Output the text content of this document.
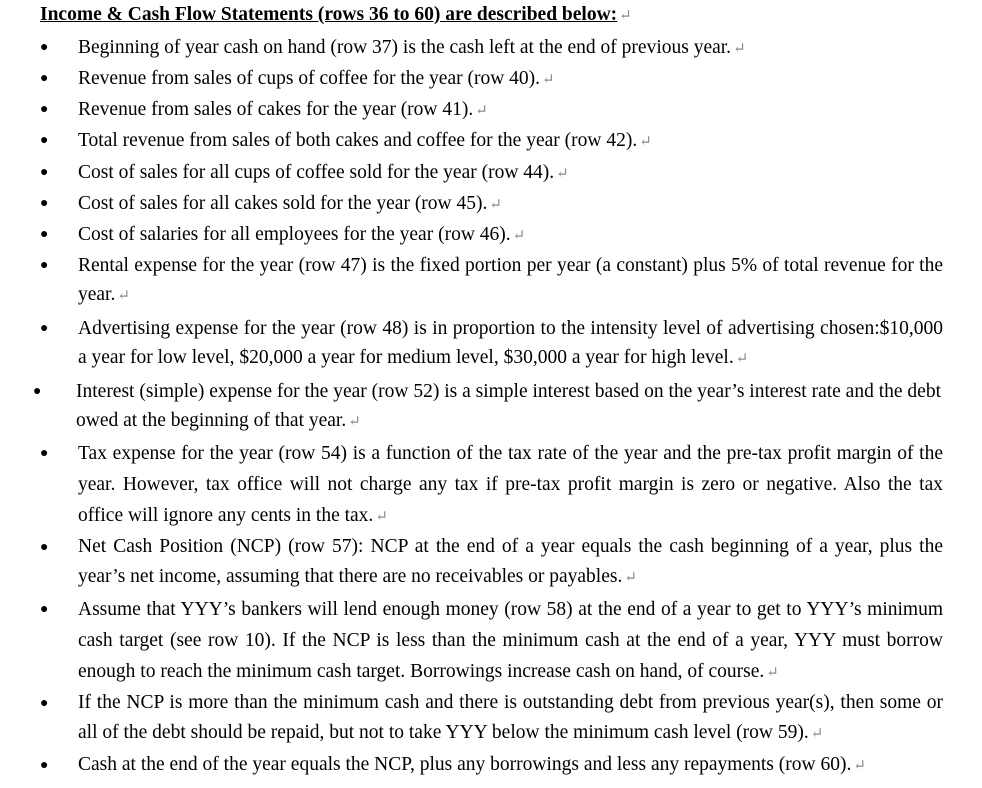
Income & Cash Flow Statements (rows 36 to 60) are described below: ↵
● Beginning of year cash on hand (row 37) is the cash left at the end of previous year. ↵
● Revenue from sales of cups of coffee for the year (row 40). ↵
● Revenue from sales of cakes for the year (row 41). ↵
● Total revenue from sales of both cakes and coffee for the year (row 42). ↵
● Cost of sales for all cups of coffee sold for the year (row 44). ↵
● Cost of sales for all cakes sold for the year (row 45). ↵
● Cost of salaries for all employees for the year (row 46). ↵
● Rental expense for the year (row 47) is the fixed portion per year (a constant) plus 5% of total revenue for the year. ↵
● Advertising expense for the year (row 48) is in proportion to the intensity level of advertising chosen:$10,000 a year for low level, $20,000 a year for medium level, $30,000 a year for high level. ↵
● Interest (simple) expense for the year (row 52) is a simple interest based on the year’s interest rate and the debt owed at the beginning of that year. ↵
● Tax expense for the year (row 54) is a function of the tax rate of the year and the pre-tax profit margin of the year. However, tax office will not charge any tax if pre-tax profit margin is zero or negative. Also the tax office will ignore any cents in the tax. ↵
● Net Cash Position (NCP) (row 57): NCP at the end of a year equals the cash beginning of a year, plus the year’s net income, assuming that there are no receivables or payables. ↵
● Assume that YYY’s bankers will lend enough money (row 58) at the end of a year to get to YYY’s minimum cash target (see row 10). If the NCP is less than the minimum cash at the end of a year, YYY must borrow enough to reach the minimum cash target. Borrowings increase cash on hand, of course. ↵
● If the NCP is more than the minimum cash and there is outstanding debt from previous year(s), then some or all of the debt should be repaid, but not to take YYY below the minimum cash level (row 59). ↵
● Cash at the end of the year equals the NCP, plus any borrowings and less any repayments (row 60). ↵
